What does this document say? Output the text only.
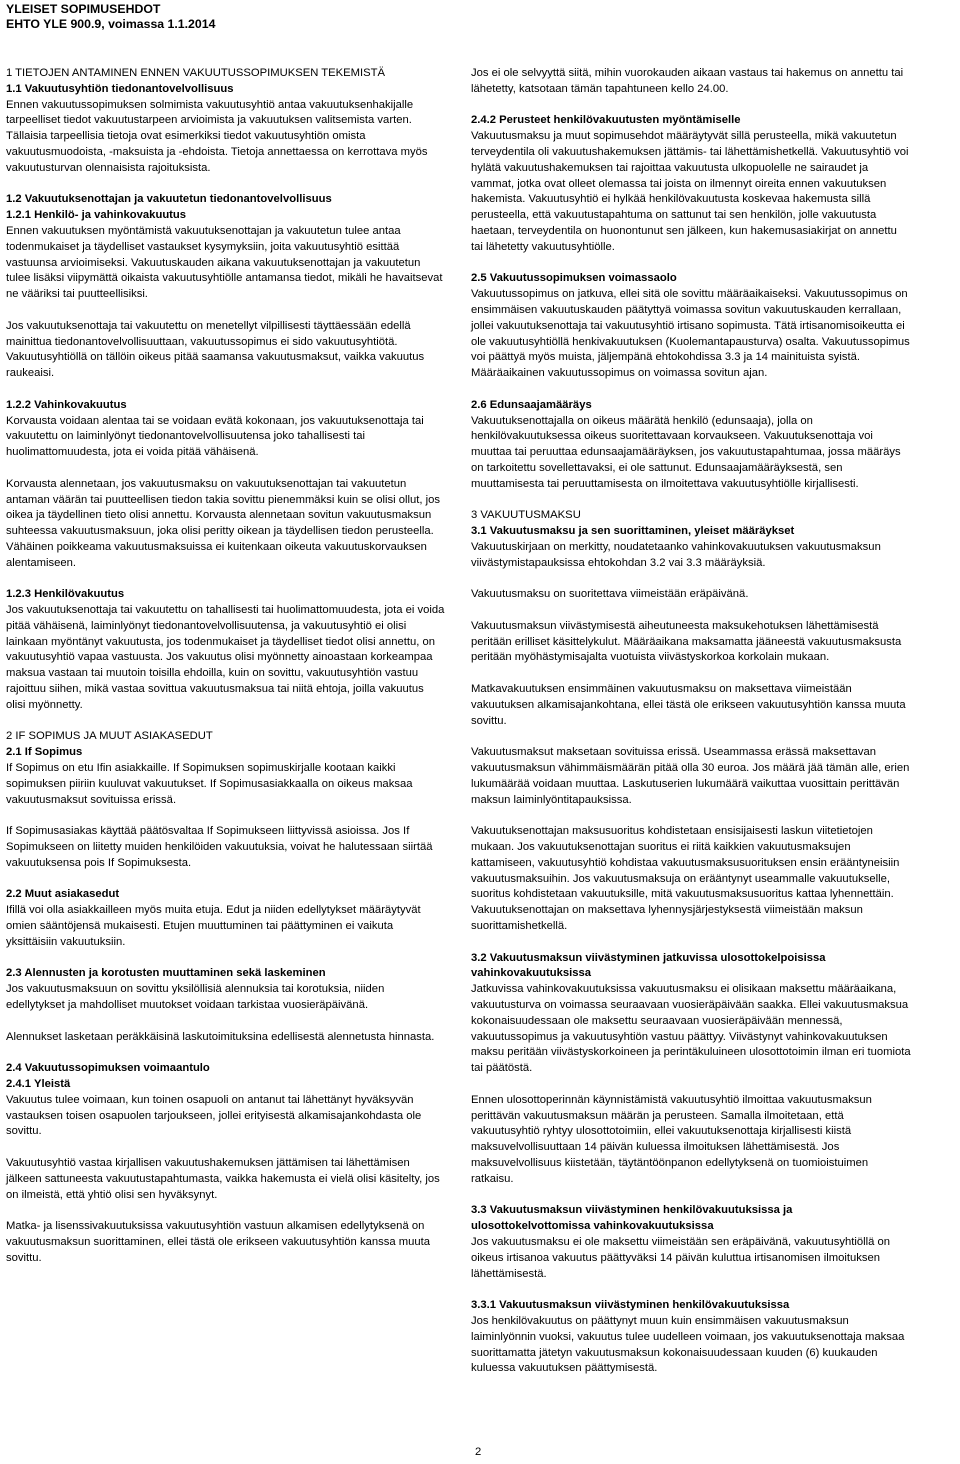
YLEISET SOPIMUSEHDOT
EHTO YLE 900.9, voimassa 1.1.2014
1 TIETOJEN ANTAMINEN ENNEN VAKUUTUSSOPIMUKSEN TEKEMISTÄ
1.1 Vakuutusyhtiön tiedonantovelvollisuus
Ennen vakuutussopimuksen solmimista vakuutusyhtiö antaa vakuutuksenhakijalle tarpeelliset tiedot vakuutustarpeen arvioimista ja vakuutuksen valitsemista varten. Tällaisia tarpeellisia tietoja ovat esimerkiksi tiedot vakuutusyhtiön omista vakuutusmuodoista, -maksuista ja -ehdoista. Tietoja annettaessa on kerrottava myös vakuutusturvan olennaisista rajoituksista.
1.2 Vakuutuksenottajan ja vakuutetun tiedonantovelvollisuus
1.2.1 Henkilö- ja vahinkovakuutus
Ennen vakuutuksen myöntämistä vakuutuksenottajan ja vakuutetun tulee antaa todenmukaiset ja täydelliset vastaukset kysymyksiin, joita vakuutusyhtiö esittää vastuunsa arvioimiseksi. Vakuutuskauden aikana vakuutuksenottajan ja vakuutetun tulee lisäksi viipymättä oikaista vakuutusyhtiölle antamansa tiedot, mikäli he havaitsevat ne vääriksi tai puutteellisiksi.
Jos vakuutuksenottaja tai vakuutettu on menetellyt vilpillisesti täyttäessään edellä mainittua tiedonantovelvollisuuttaan, vakuutussopimus ei sido vakuutusyhtiötä. Vakuutusyhtiöllä on tällöin oikeus pitää saamansa vakuutusmaksut, vaikka vakuutus raukeaisi.
1.2.2 Vahinkovakuutus
Korvausta voidaan alentaa tai se voidaan evätä kokonaan, jos vakuutuksenottaja tai vakuutettu on laiminlyönyt tiedonantovelvollisuutensa joko tahallisesti tai huolimattomuudesta, jota ei voida pitää vähäisenä.
Korvausta alennetaan, jos vakuutusmaksu on vakuutuksenottajan tai vakuutetun antaman väärän tai puutteellisen tiedon takia sovittu pienemmäksi kuin se olisi ollut, jos oikea ja täydellinen tieto olisi annettu. Korvausta alennetaan sovitun vakuutusmaksun suhteessa vakuutusmaksuun, joka olisi peritty oikean ja täydellisen tiedon perusteella. Vähäinen poikkeama vakuutusmaksuissa ei kuitenkaan oikeuta vakuutuskorvauksen alentamiseen.
1.2.3 Henkilövakuutus
Jos vakuutuksenottaja tai vakuutettu on tahallisesti tai huolimattomuudesta, jota ei voida pitää vähäisenä, laiminlyönyt tiedonantovelvollisuutensa, ja vakuutusyhtiö ei olisi lainkaan myöntänyt vakuutusta, jos todenmukaiset ja täydelliset tiedot olisi annettu, on vakuutusyhtiö vapaa vastuusta. Jos vakuutus olisi myönnetty ainoastaan korkeampaa maksua vastaan tai muutoin toisilla ehdoilla, kuin on sovittu, vakuutusyhtiön vastuu rajoittuu siihen, mikä vastaa sovittua vakuutusmaksua tai niitä ehtoja, joilla vakuutus olisi myönnetty.
2 IF SOPIMUS JA MUUT ASIAKASEDUT
2.1 If Sopimus
If Sopimus on etu Ifin asiakkaille. If Sopimuksen sopimuskirjalle kootaan kaikki sopimuksen piiriin kuuluvat vakuutukset. If Sopimusasiakkaalla on oikeus maksaa vakuutusmaksut sovituissa erissä.
If Sopimusasiakas käyttää päätösvaltaa If Sopimukseen liittyvissä asioissa. Jos If Sopimukseen on liitetty muiden henkilöiden vakuutuksia, voivat he halutessaan siirtää vakuutuksensa pois If Sopimuksesta.
2.2 Muut asiakasedut
Ifillä voi olla asiakkailleen myös muita etuja. Edut ja niiden edellytykset määräytyvät omien sääntöjensä mukaisesti. Etujen muuttuminen tai päättyminen ei vaikuta yksittäisiin vakuutuksiin.
2.3 Alennusten ja korotusten muuttaminen sekä laskeminen
Jos vakuutusmaksuun on sovittu yksilöllisiä alennuksia tai korotuksia, niiden edellytykset ja mahdolliset muutokset voidaan tarkistaa vuosieräpäivänä.
Alennukset lasketaan peräkkäisinä laskutoimituksina edellisestä alennetusta hinnasta.
2.4 Vakuutussopimuksen voimaantulo
2.4.1 Yleistä
Vakuutus tulee voimaan, kun toinen osapuoli on antanut tai lähettänyt hyväksyvän vastauksen toisen osapuolen tarjoukseen, jollei erityisestä alkamisajankohdasta ole sovittu.
Vakuutusyhtiö vastaa kirjallisen vakuutushakemuksen jättämisen tai lähettämisen jälkeen sattuneesta vakuutustapahtumasta, vaikka hakemusta ei vielä olisi käsitelty, jos on ilmeistä, että yhtiö olisi sen hyväksynyt.
Matka- ja lisenssivakuutuksissa vakuutusyhtiön vastuun alkamisen edellytyksenä on vakuutusmaksun suorittaminen, ellei tästä ole erikseen vakuutusyhtiön kanssa muuta sovittu.
Jos ei ole selvyyttä siitä, mihin vuorokauden aikaan vastaus tai hakemus on annettu tai lähetetty, katsotaan tämän tapahtuneen kello 24.00.
2.4.2 Perusteet henkilövakuutusten myöntämiselle
Vakuutusmaksu ja muut sopimusehdot määräytyvät sillä perusteella, mikä vakuutetun terveydentila oli vakuutushakemuksen jättämis- tai lähettämishetkellä. Vakuutusyhtiö voi hylätä vakuutushakemuksen tai rajoittaa vakuutusta ulkopuolelle ne sairaudet ja vammat, jotka ovat olleet olemassa tai joista on ilmennyt oireita ennen vakuutuksen hakemista. Vakuutusyhtiö ei hylkää henkilövakuutusta koskevaa hakemusta sillä perusteella, että vakuutustapahtuma on sattunut tai sen henkilön, jolle vakuutusta haetaan, terveydentila on huonontunut sen jälkeen, kun hakemusasiakirjat on annettu tai lähetetty vakuutusyhtiölle.
2.5 Vakuutussopimuksen voimassaolo
Vakuutussopimus on jatkuva, ellei sitä ole sovittu määräaikaiseksi. Vakuutussopimus on ensimmäisen vakuutuskauden päätyttyä voimassa sovitun vakuutuskauden kerrallaan, jollei vakuutuksenottaja tai vakuutusyhtiö irtisano sopimusta. Tätä irtisanomisoikeutta ei ole vakuutusyhtiöllä henkivakuutuksen (Kuolemantapausturva) osalta. Vakuutussopimus voi päättyä myös muista, jäljempänä ehtokohdissa 3.3 ja 14 mainituista syistä. Määräaikainen vakuutussopimus on voimassa sovitun ajan.
2.6 Edunsaajamääräys
Vakuutuksenottajalla on oikeus määrätä henkilö (edunsaaja), jolla on henkilövakuutuksessa oikeus suoritettavaan korvaukseen. Vakuutuksenottaja voi muuttaa tai peruuttaa edunsaajamääräyksen, jos vakuutustapahtumaa, jossa määräys on tarkoitettu sovellettavaksi, ei ole sattunut. Edunsaajamääräyksestä, sen muuttamisesta tai peruuttamisesta on ilmoitettava vakuutusyhtiölle kirjallisesti.
3 VAKUUTUSMAKSU
3.1 Vakuutusmaksu ja sen suorittaminen, yleiset määräykset
Vakuutuskirjaan on merkitty, noudatetaanko vahinkovakuutuksen vakuutusmaksun viivästymistapauksissa ehtokohdan 3.2 vai 3.3 määräyksiä.
Vakuutusmaksu on suoritettava viimeistään eräpäivänä.
Vakuutusmaksun viivästymisestä aiheutuneesta maksukehotuksen lähettämisestä peritään erilliset käsittelykulut. Määräaikana maksamatta jääneestä vakuutusmaksusta peritään myöhästymisajalta vuotuista viivästyskorkoa korkolain mukaan.
Matkavakuutuksen ensimmäinen vakuutusmaksu on maksettava viimeistään vakuutuksen alkamisajankohtana, ellei tästä ole erikseen vakuutusyhtiön kanssa muuta sovittu.
Vakuutusmaksut maksetaan sovituissa erissä. Useammassa erässä maksettavan vakuutusmaksun vähimmäismäärän pitää olla 30 euroa. Jos määrä jää tämän alle, erien lukumäärää voidaan muuttaa. Laskutuserien lukumäärä vaikuttaa vuosittain perittävän maksun laiminlyöntitapauksissa.
Vakuutuksenottajan maksusuoritus kohdistetaan ensisijaisesti laskun viitetietojen mukaan. Jos vakuutuksenottajan suoritus ei riitä kaikkien vakuutusmaksujen kattamiseen, vakuutusyhtiö kohdistaa vakuutusmaksusuorituksen ensin erääntyneisiin vakuutusmaksuihin. Jos vakuutusmaksuja on erääntynyt useammalle vakuutukselle, suoritus kohdistetaan vakuutuksille, mitä vakuutusmaksusuoritus kattaa lyhennettäin. Vakuutuksenottajan on maksettava lyhennysjärjestyksestä viimeistään maksun suorittamishetkellä.
3.2 Vakuutusmaksun viivästyminen jatkuvissa ulosottokelpoisissa vahinkovakuutuksissa
Jatkuvissa vahinkovakuutuksissa vakuutusmaksu ei olisikaan maksettu määräaikana, vakuutusturva on voimassa seuraavaan vuosieräpäivään saakka. Ellei vakuutusmaksua kokonaisuudessaan ole maksettu seuraavaan vuosieräpäivään mennessä, vakuutussopimus ja vakuutusyhtiön vastuu päättyy. Viivästynyt vahinkovakuutuksen maksu peritään viivästyskorkoineen ja perintäkuluineen ulosottotoimin ilman eri tuomiota tai päätöstä.
Ennen ulosottoperinnän käynnistämistä vakuutusyhtiö ilmoittaa vakuutusmaksun perittävän vakuutusmaksun määrän ja perusteen. Samalla ilmoitetaan, että vakuutusyhtiö ryhtyy ulosottotoimiin, ellei vakuutuksenottaja kirjallisesti kiistä maksuvelvollisuuttaan 14 päivän kuluessa ilmoituksen lähettämisestä. Jos maksuvelvollisuus kiistetään, täytäntöönpanon edellytyksenä on tuomioistuimen ratkaisu.
3.3 Vakuutusmaksun viivästyminen henkilövakuutuksissa ja ulosottokelvottomissa vahinkovakuutuksissa
Jos vakuutusmaksu ei ole maksettu viimeistään sen eräpäivänä, vakuutusyhtiöllä on oikeus irtisanoa vakuutus päättyväksi 14 päivän kuluttua irtisanomisen ilmoituksen lähettämisestä.
3.3.1 Vakuutusmaksun viivästyminen henkilövakuutuksissa
Jos henkilövakuutus on päättynyt muun kuin ensimmäisen vakuutusmaksun laiminlyönnin vuoksi, vakuutus tulee uudelleen voimaan, jos vakuutuksenottaja maksaa suorittamatta jätetyn vakuutusmaksun kokonaisuudessaan kuuden (6) kuukauden kuluessa vakuutuksen päättymisestä.
2
